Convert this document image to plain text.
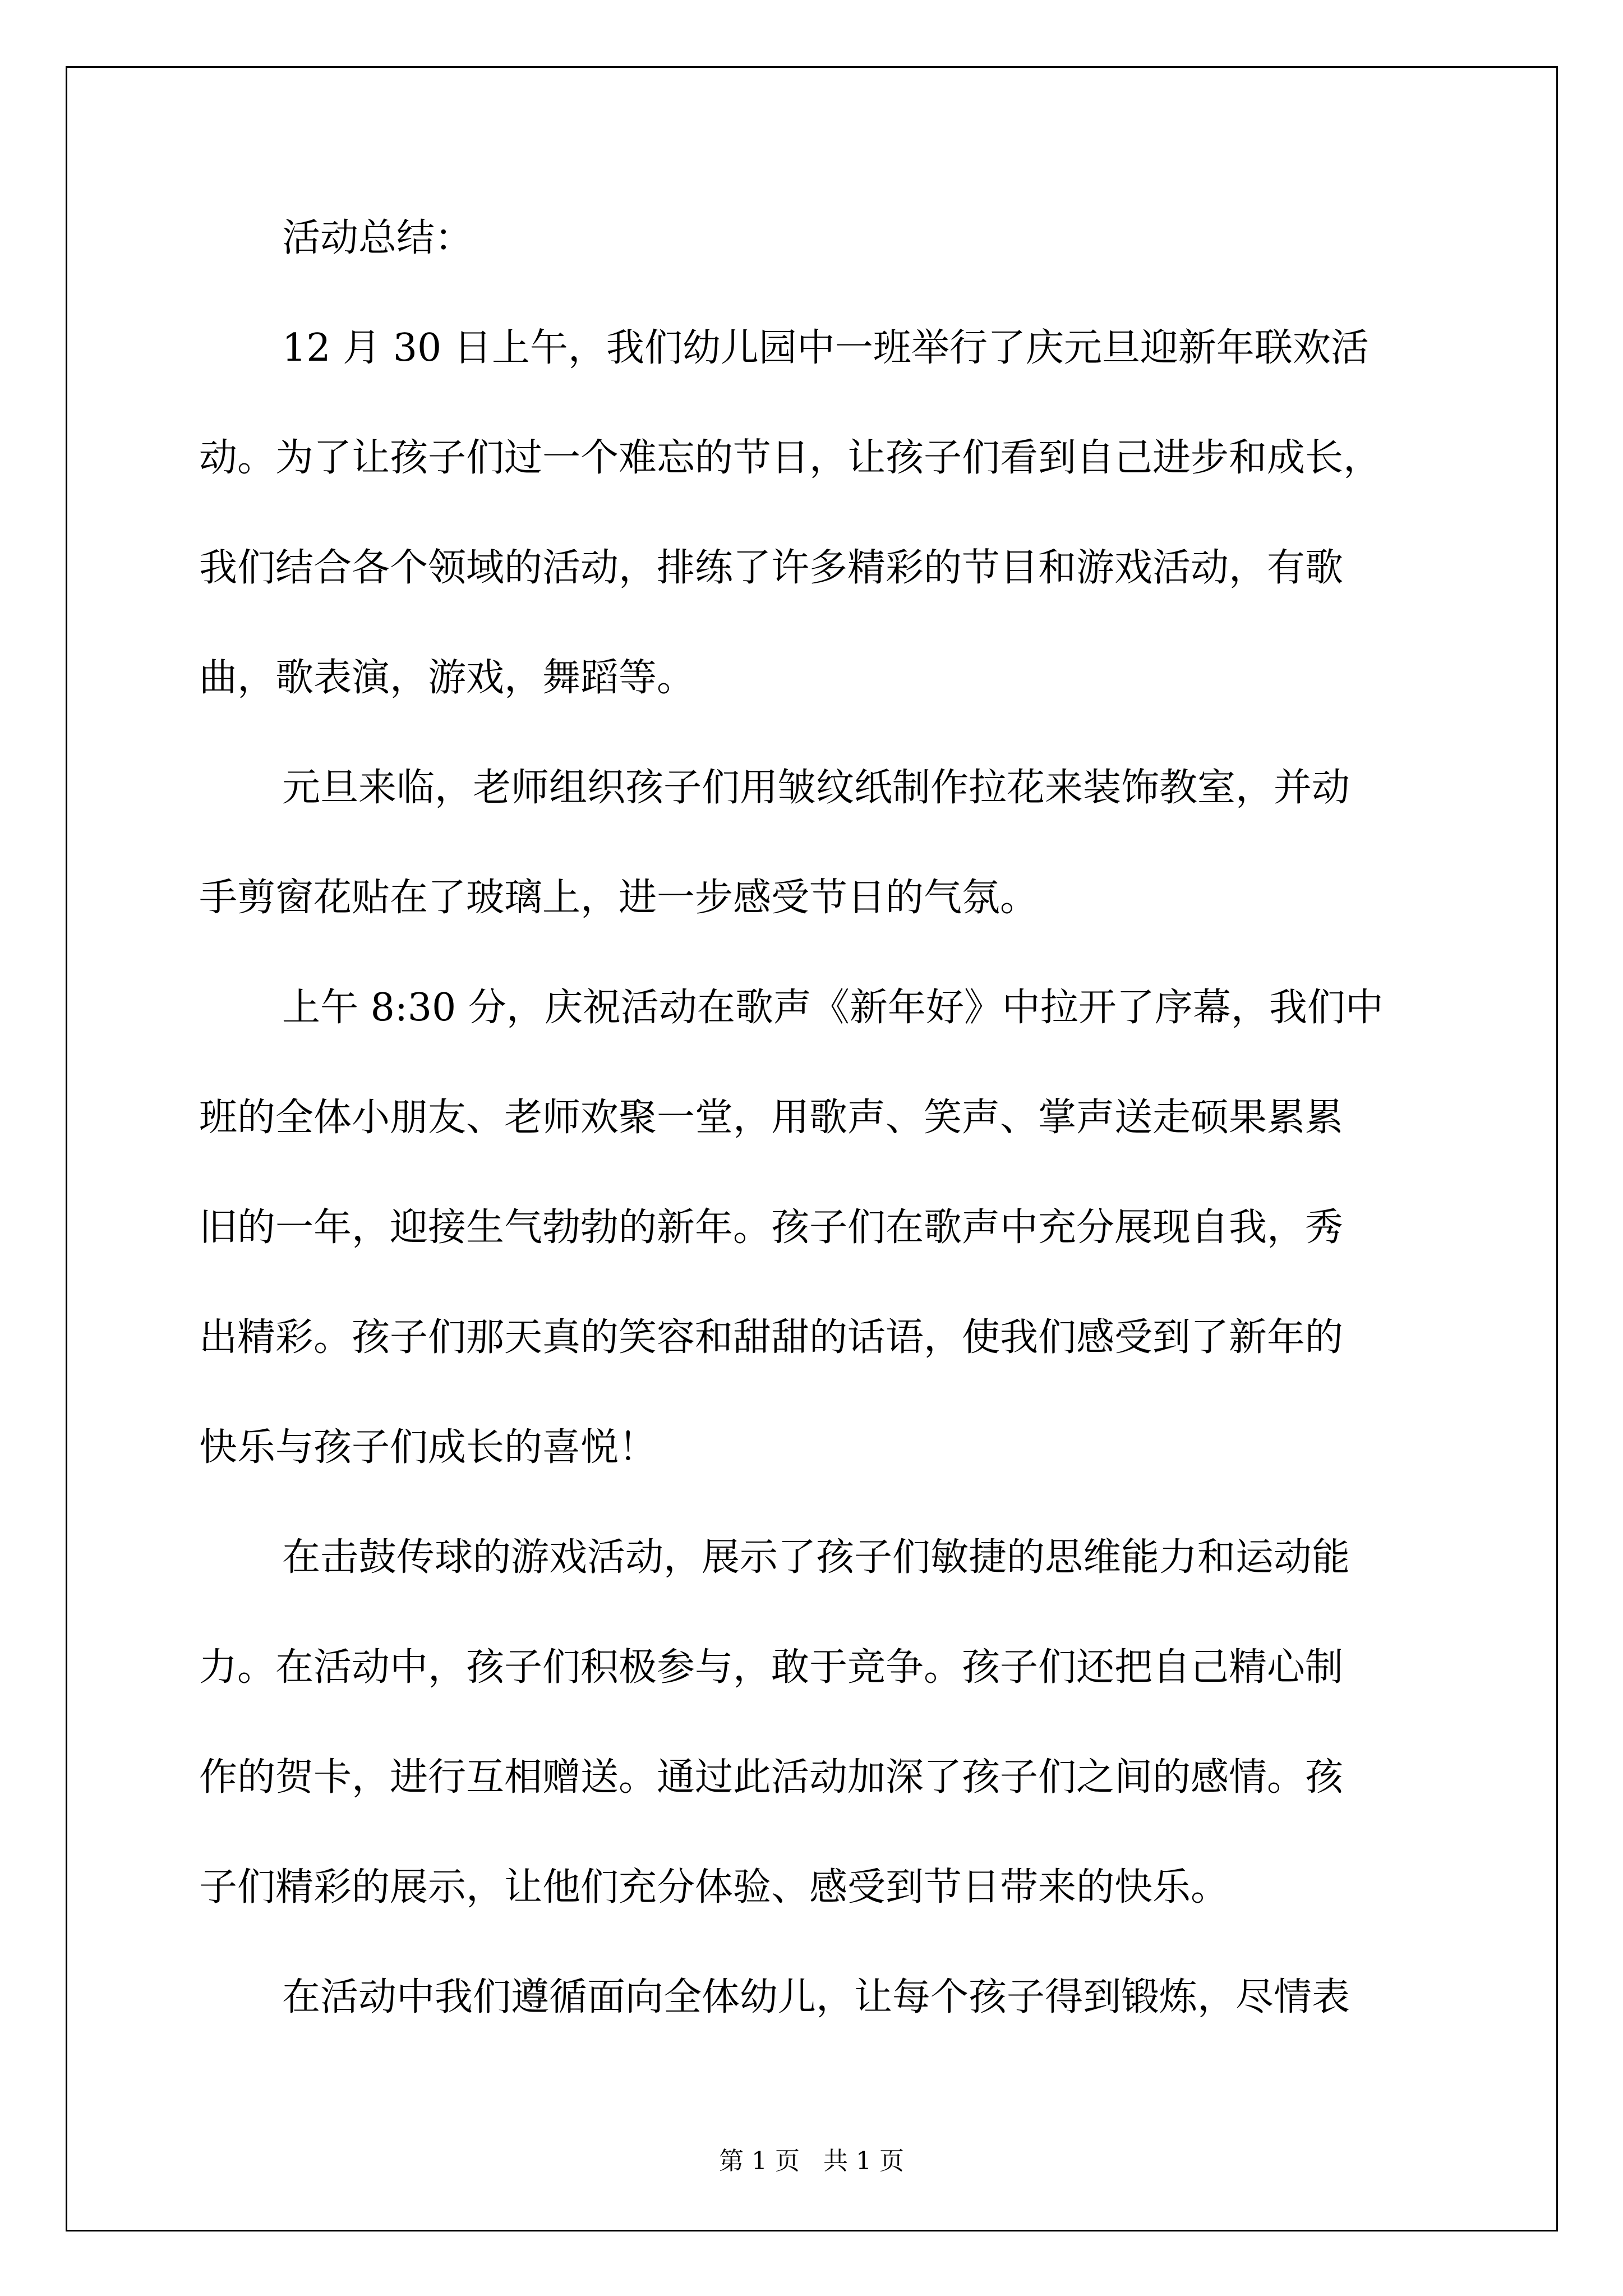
活动总结：
12 月 30 日上午，我们幼儿园中一班举行了庆元旦迎新年联欢活
动。为了让孩子们过一个难忘的节日，让孩子们看到自己进步和成长，
我们结合各个领域的活动，排练了许多精彩的节目和游戏活动，有歌
曲，歌表演，游戏，舞蹈等。
元旦来临，老师组织孩子们用皱纹纸制作拉花来装饰教室，并动
手剪窗花贴在了玻璃上，进一步感受节日的气氛。
上午 8:30 分，庆祝活动在歌声《新年好》中拉开了序幕，我们中
班的全体小朋友、老师欢聚一堂，用歌声、笑声、掌声送走硕果累累
旧的一年，迎接生气勃勃的新年。孩子们在歌声中充分展现自我，秀
出精彩。孩子们那天真的笑容和甜甜的话语，使我们感受到了新年的
快乐与孩子们成长的喜悦！
在击鼓传球的游戏活动，展示了孩子们敏捷的思维能力和运动能
力。在活动中，孩子们积极参与，敢于竞争。孩子们还把自己精心制
作的贺卡，进行互相赠送。通过此活动加深了孩子们之间的感情。孩
子们精彩的展示，让他们充分体验、感受到节日带来的快乐。
在活动中我们遵循面向全体幼儿，让每个孩子得到锻炼，尽情表
第 1 页   共 1 页
